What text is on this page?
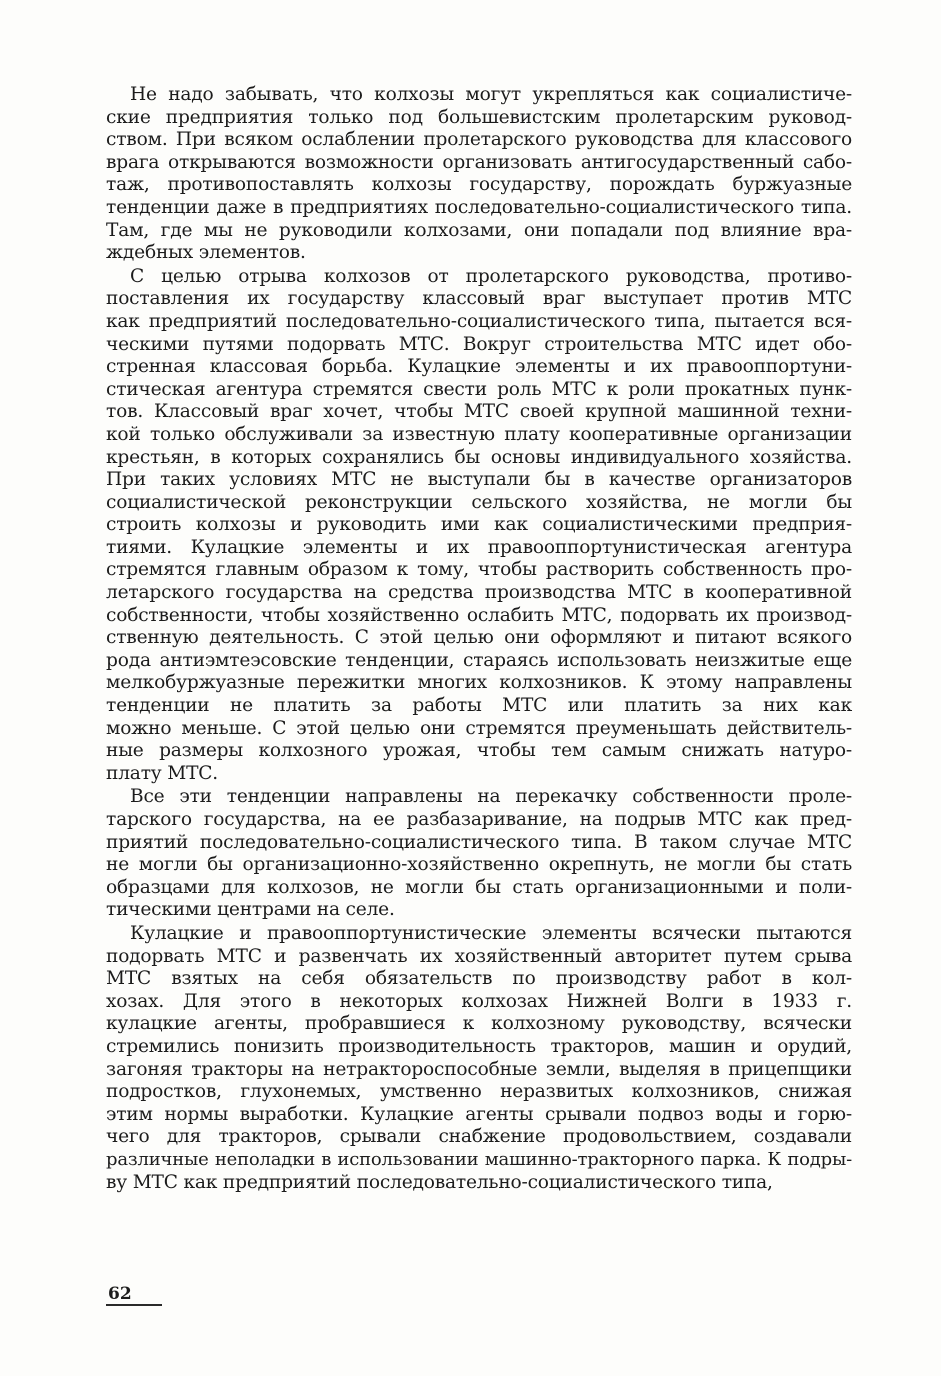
Не надо забывать, что колхозы могут укрепляться как социалистиче-
ские предприятия только под большевистским пролетарским руковод-
ством. При всяком ослаблении пролетарского руководства для классового
врага открываются возможности организовать антигосударственный сабо-
таж, противопоставлять колхозы государству, порождать буржуазные
тенденции даже в предприятиях последовательно-социалистического типа.
Там, где мы не руководили колхозами, они попадали под влияние вра-
ждебных элементов.
С целью отрыва колхозов от пролетарского руководства, противо-
поставления их государству классовый враг выступает против МТС
как предприятий последовательно-социалистического типа, пытается вся-
ческими путями подорвать МТС. Вокруг строительства МТС идет обо-
стренная классовая борьба. Кулацкие элементы и их правооппортуни-
стическая агентура стремятся свести роль МТС к роли прокатных пунк-
тов. Классовый враг хочет, чтобы МТС своей крупной машинной техни-
кой только обслуживали за известную плату кооперативные организации
крестьян, в которых сохранялись бы основы индивидуального хозяйства.
При таких условиях МТС не выступали бы в качестве организаторов
социалистической реконструкции сельского хозяйства, не могли бы
строить колхозы и руководить ими как социалистическими предприя-
тиями. Кулацкие элементы и их правооппортунистическая агентура
стремятся главным образом к тому, чтобы растворить собственность про-
летарского государства на средства производства МТС в кооперативной
собственности, чтобы хозяйственно ослабить МТС, подорвать их производ-
ственную деятельность. С этой целью они оформляют и питают всякого
рода антиэмтеэсовские тенденции, стараясь использовать неизжитые еще
мелкобуржуазные пережитки многих колхозников. К этому направлены
тенденции не платить за работы МТС или платить за них как
можно меньше. С этой целью они стремятся преуменьшать действитель-
ные размеры колхозного урожая, чтобы тем самым снижать натуро-
плату МТС.
Все эти тенденции направлены на перекачку собственности проле-
тарского государства, на ее разбазаривание, на подрыв МТС как пред-
приятий последовательно-социалистического типа. В таком случае МТС
не могли бы организационно-хозяйственно окрепнуть, не могли бы стать
образцами для колхозов, не могли бы стать организационными и поли-
тическими центрами на селе.
Кулацкие и правооппортунистические элементы всячески пытаются
подорвать МТС и развенчать их хозяйственный авторитет путем срыва
МТС взятых на себя обязательств по производству работ в кол-
хозах. Для этого в некоторых колхозах Нижней Волги в 1933 г.
кулацкие агенты, пробравшиеся к колхозному руководству, всячески
стремились понизить производительность тракторов, машин и орудий,
загоняя тракторы на нетрактороспособные земли, выделяя в прицепщики
подростков, глухонемых, умственно неразвитых колхозников, снижая
этим нормы выработки. Кулацкие агенты срывали подвоз воды и горю-
чего для тракторов, срывали снабжение продовольствием, создавали
различные неполадки в использовании машинно-тракторного парка. К подры-
ву МТС как предприятий последовательно-социалистического типа,
62
